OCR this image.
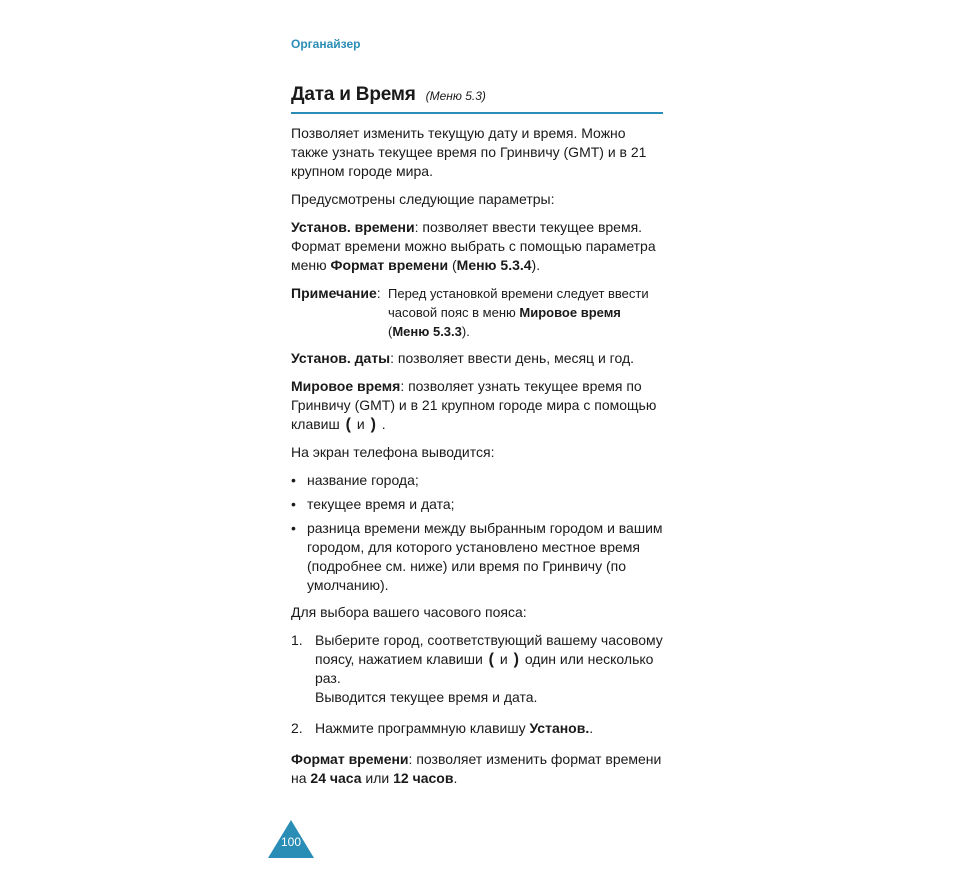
Органайзер
Дата и Время (Меню 5.3)

Позволяет изменить текущую дату и время. Можно также узнать текущее время по Гринвичу (GMT) и в 21 крупном городе мира.

Предусмотрены следующие параметры:

Установ. времени: позволяет ввести текущее время. Формат времени можно выбрать с помощью параметра меню Формат времени (Меню 5.3.4).

Примечание: Перед установкой времени следует ввести часовой пояс в меню Мировое время (Меню 5.3.3).

Установ. даты: позволяет ввести день, месяц и год.

Мировое время: позволяет узнать текущее время по Гринвичу (GMT) и в 21 крупном городе мира с помощью клавиш ( и ) .

На экран телефона выводится:

• название города;
• текущее время и дата;
• разница времени между выбранным городом и вашим городом, для которого установлено местное время (подробнее см. ниже) или время по Гринвичу (по умолчанию).

Для выбора вашего часового пояса:

1. Выберите город, соответствующий вашему часовому поясу, нажатием клавиши ( и ) один или несколько раз.
Выводится текущее время и дата.
2. Нажмите программную клавишу Установ..

Формат времени: позволяет изменить формат времени на 24 часа или 12 часов.

100
